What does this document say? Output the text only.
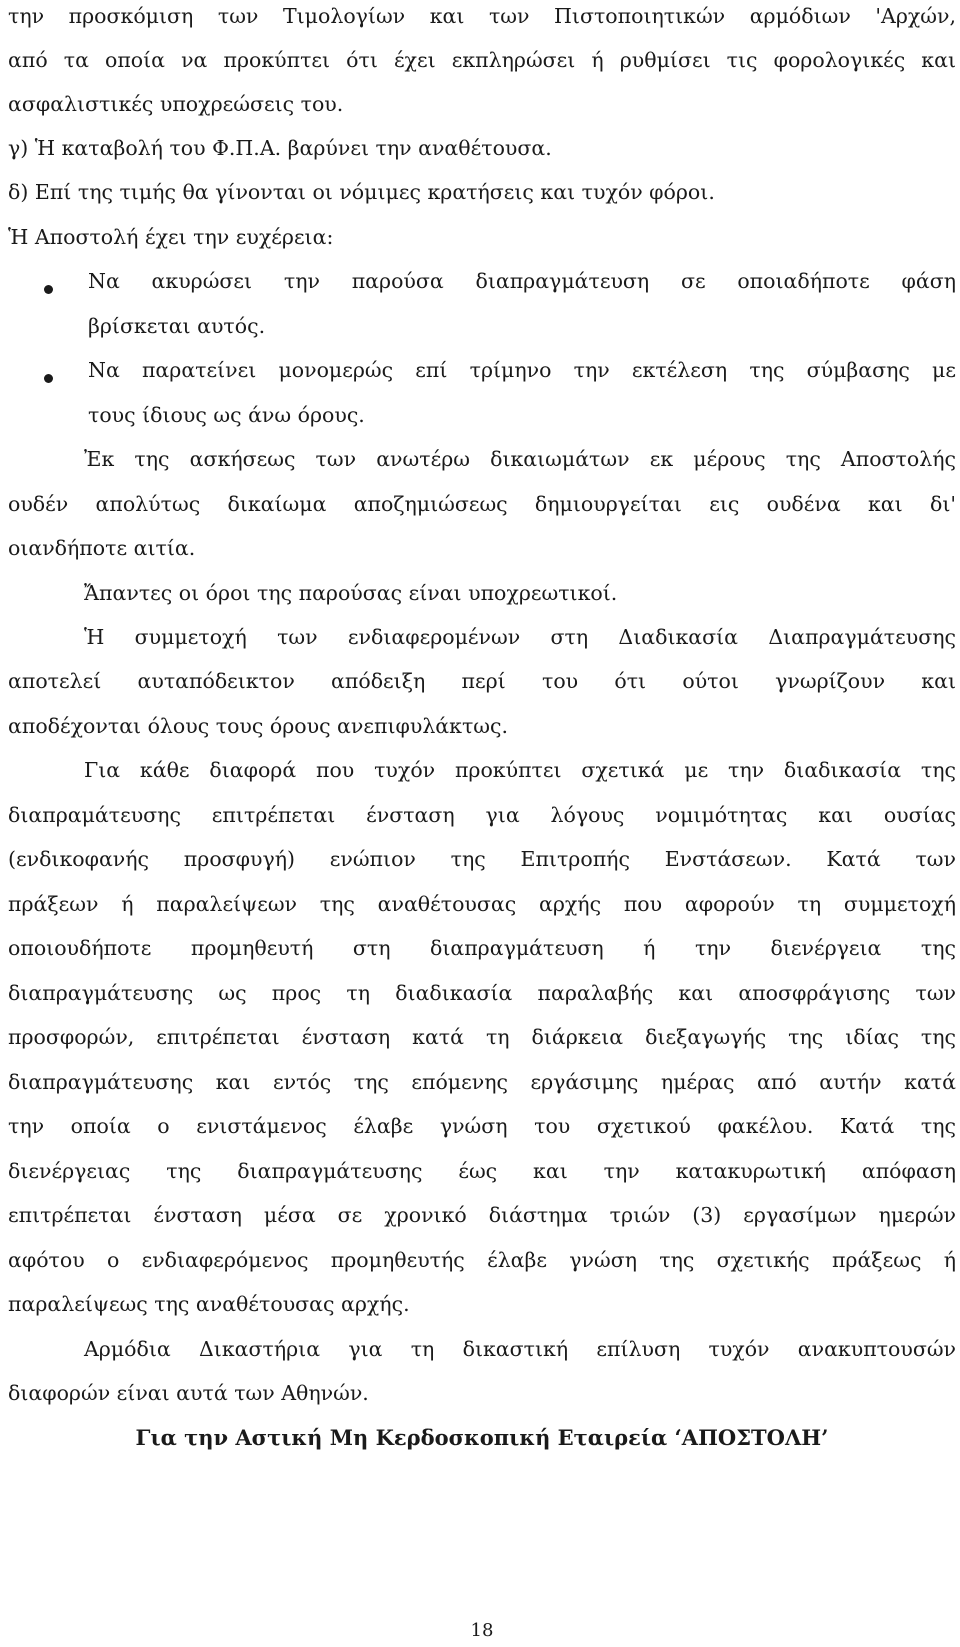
την προσκόμιση των Τιμολογίων και των Πιστοποιητικών αρμόδιων 'Αρχών,
από τα οποία να προκύπτει ότι έχει εκπληρώσει ή ρυθμίσει τις φορολογικές και
ασφαλιστικές υποχρεώσεις του.
γ) Ἡ καταβολή του Φ.Π.Α. βαρύνει την αναθέτουσα.
δ) Επί της τιμής θα γίνονται οι νόμιμες κρατήσεις και τυχόν φόροι.
Ἡ Αποστολή έχει την ευχέρεια:
Να ακυρώσει την παρούσα διαπραγμάτευση σε οποιαδήποτε φάση
βρίσκεται αυτός.
Να παρατείνει μονομερώς επί τρίμηνο την εκτέλεση της σύμβασης με
τους ίδιους ως άνω όρους.
Ἐκ της ασκήσεως των ανωτέρω δικαιωμάτων εκ μέρους της Αποστολής
ουδέν απολύτως δικαίωμα αποζημιώσεως δημιουργείται εις ουδένα και δι'
οιανδήποτε αιτία.
Ἄπαντες οι όροι της παρούσας είναι υποχρεωτικοί.
Ἡ συμμετοχή των ενδιαφερομένων στη Διαδικασία Διαπραγμάτευσης
αποτελεί αυταπόδεικτον απόδειξη περί του ότι ούτοι γνωρίζουν και
αποδέχονται όλους τους όρους ανεπιφυλάκτως.
Για κάθε διαφορά που τυχόν προκύπτει σχετικά με την διαδικασία της
διαπραμάτευσης επιτρέπεται ένσταση για λόγους νομιμότητας και ουσίας
(ενδικοφανής προσφυγή) ενώπιον της Επιτροπής Ενστάσεων. Κατά των
πράξεων ή παραλείψεων της αναθέτουσας αρχής που αφορούν τη συμμετοχή
οποιουδήποτε προμηθευτή στη διαπραγμάτευση ή την διενέργεια της
διαπραγμάτευσης ως προς τη διαδικασία παραλαβής και αποσφράγισης των
προσφορών, επιτρέπεται ένσταση κατά τη διάρκεια διεξαγωγής της ιδίας της
διαπραγμάτευσης και εντός της επόμενης εργάσιμης ημέρας από αυτήν κατά
την οποία ο ενιστάμενος έλαβε γνώση του σχετικού φακέλου. Κατά της
διενέργειας της διαπραγμάτευσης έως και την κατακυρωτική απόφαση
επιτρέπεται ένσταση μέσα σε χρονικό διάστημα τριών (3) εργασίμων ημερών
αφότου ο ενδιαφερόμενος προμηθευτής έλαβε γνώση της σχετικής πράξεως ή
παραλείψεως της αναθέτουσας αρχής.
Αρμόδια Δικαστήρια για τη δικαστική επίλυση τυχόν ανακυπτουσών
διαφορών είναι αυτά των Αθηνών.
Για την Αστική Μη Κερδοσκοπική Εταιρεία ‘ΑΠΟΣΤΟΛΗ’
18
